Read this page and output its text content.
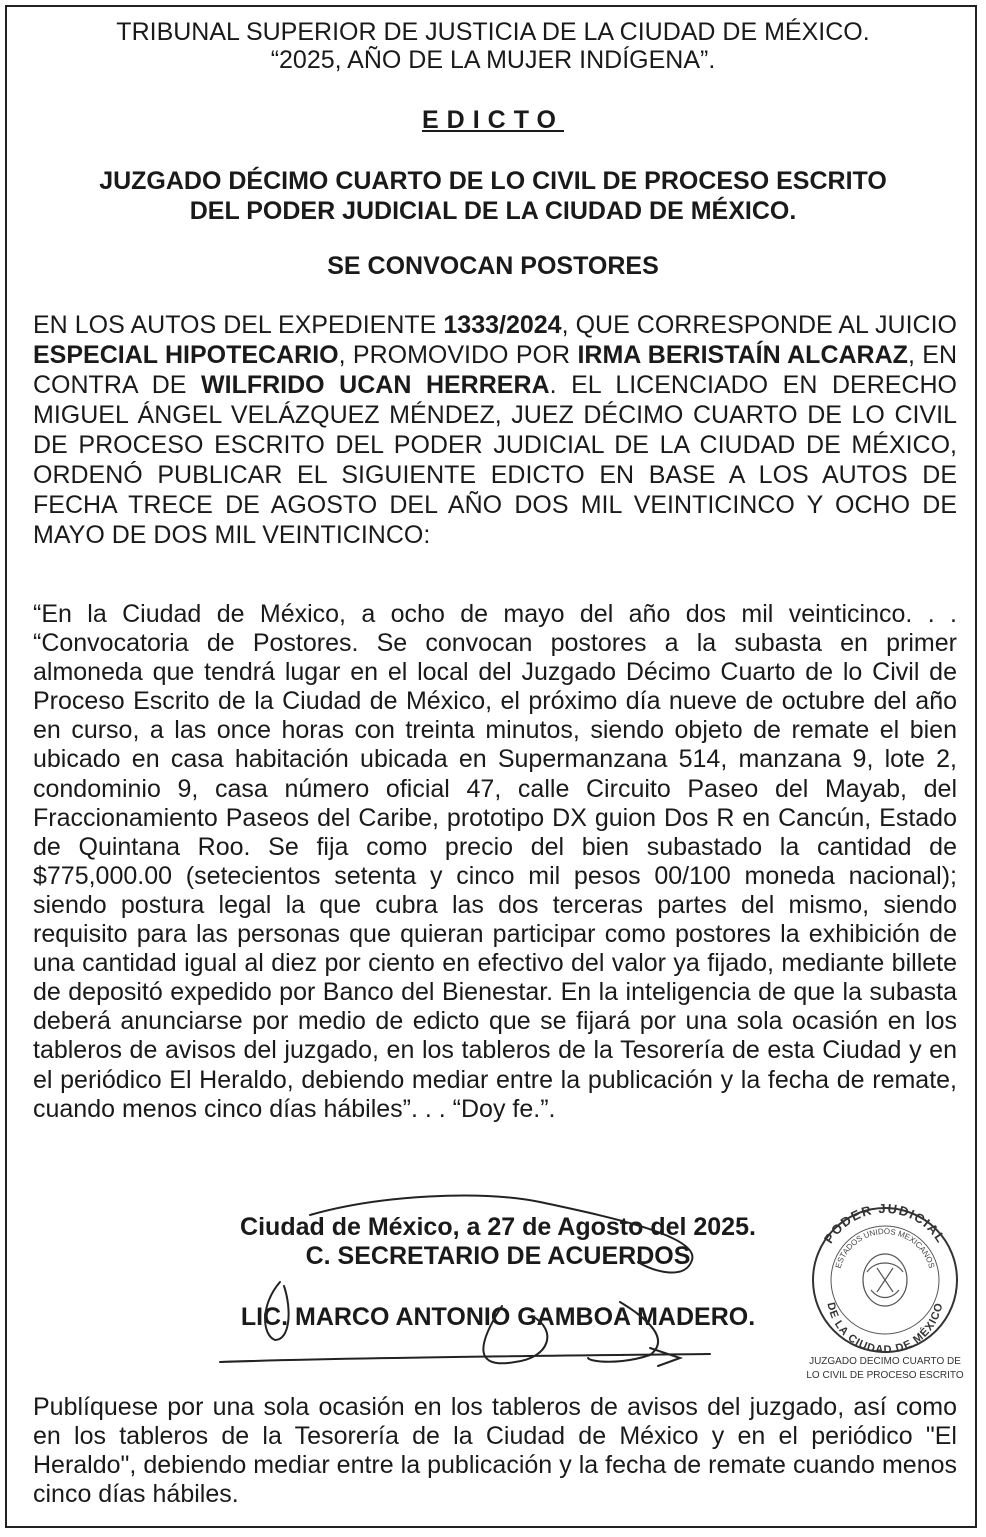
TRIBUNAL SUPERIOR DE JUSTICIA DE LA CIUDAD DE MÉXICO.
“2025, AÑO DE LA MUJER INDÍGENA”.
EDICTO
JUZGADO DÉCIMO CUARTO DE LO CIVIL DE PROCESO ESCRITO
DEL PODER JUDICIAL DE LA CIUDAD DE MÉXICO.
SE CONVOCAN POSTORES
EN LOS AUTOS DEL EXPEDIENTE 1333/2024, QUE CORRESPONDE AL JUICIO ESPECIAL HIPOTECARIO, PROMOVIDO POR IRMA BERISTAÍN ALCARAZ, EN CONTRA DE WILFRIDO UCAN HERRERA. EL LICENCIADO EN DERECHO MIGUEL ÁNGEL VELÁZQUEZ MÉNDEZ, JUEZ DÉCIMO CUARTO DE LO CIVIL DE PROCESO ESCRITO DEL PODER JUDICIAL DE LA CIUDAD DE MÉXICO, ORDENÓ PUBLICAR EL SIGUIENTE EDICTO EN BASE A LOS AUTOS DE FECHA TRECE DE AGOSTO DEL AÑO DOS MIL VEINTICINCO Y OCHO DE MAYO DE DOS MIL VEINTICINCO:
“En la Ciudad de México, a ocho de mayo del año dos mil veinticinco. . . “Convocatoria de Postores. Se convocan postores a la subasta en primer almoneda que tendrá lugar en el local del Juzgado Décimo Cuarto de lo Civil de Proceso Escrito de la Ciudad de México, el próximo día nueve de octubre del año en curso, a las once horas con treinta minutos, siendo objeto de remate el bien ubicado en casa habitación ubicada en Supermanzana 514, manzana 9, lote 2, condominio 9, casa número oficial 47, calle Circuito Paseo del Mayab, del Fraccionamiento Paseos del Caribe, prototipo DX guion Dos R en Cancún, Estado de Quintana Roo. Se fija como precio del bien subastado la cantidad de $775,000.00 (setecientos setenta y cinco mil pesos 00/100 moneda nacional); siendo postura legal la que cubra las dos terceras partes del mismo, siendo requisito para las personas que quieran participar como postores la exhibición de una cantidad igual al diez por ciento en efectivo del valor ya fijado, mediante billete de depositó expedido por Banco del Bienestar. En la inteligencia de que la subasta deberá anunciarse por medio de edicto que se fijará por una sola ocasión en los tableros de avisos del juzgado, en los tableros de la Tesorería de esta Ciudad y en el periódico El Heraldo, debiendo mediar entre la publicación y la fecha de remate, cuando menos cinco días hábiles”. . . “Doy fe.”.
Ciudad de México, a 27 de Agosto del 2025.
C. SECRETARIO DE ACUERDOS
LIC. MARCO ANTONIO GAMBOA MADERO.
PODER JUDICIAL
ESTADOS UNIDOS MEXICANOS
DE LA CIUDAD DE MÉXICO
JUZGADO DECIMO CUARTO DE
LO CIVIL DE PROCESO ESCRITO
Publíquese por una sola ocasión en los tableros de avisos del juzgado, así como en los tableros de la Tesorería de la Ciudad de México y en el periódico "El Heraldo", debiendo mediar entre la publicación y la fecha de remate cuando menos cinco días hábiles.
